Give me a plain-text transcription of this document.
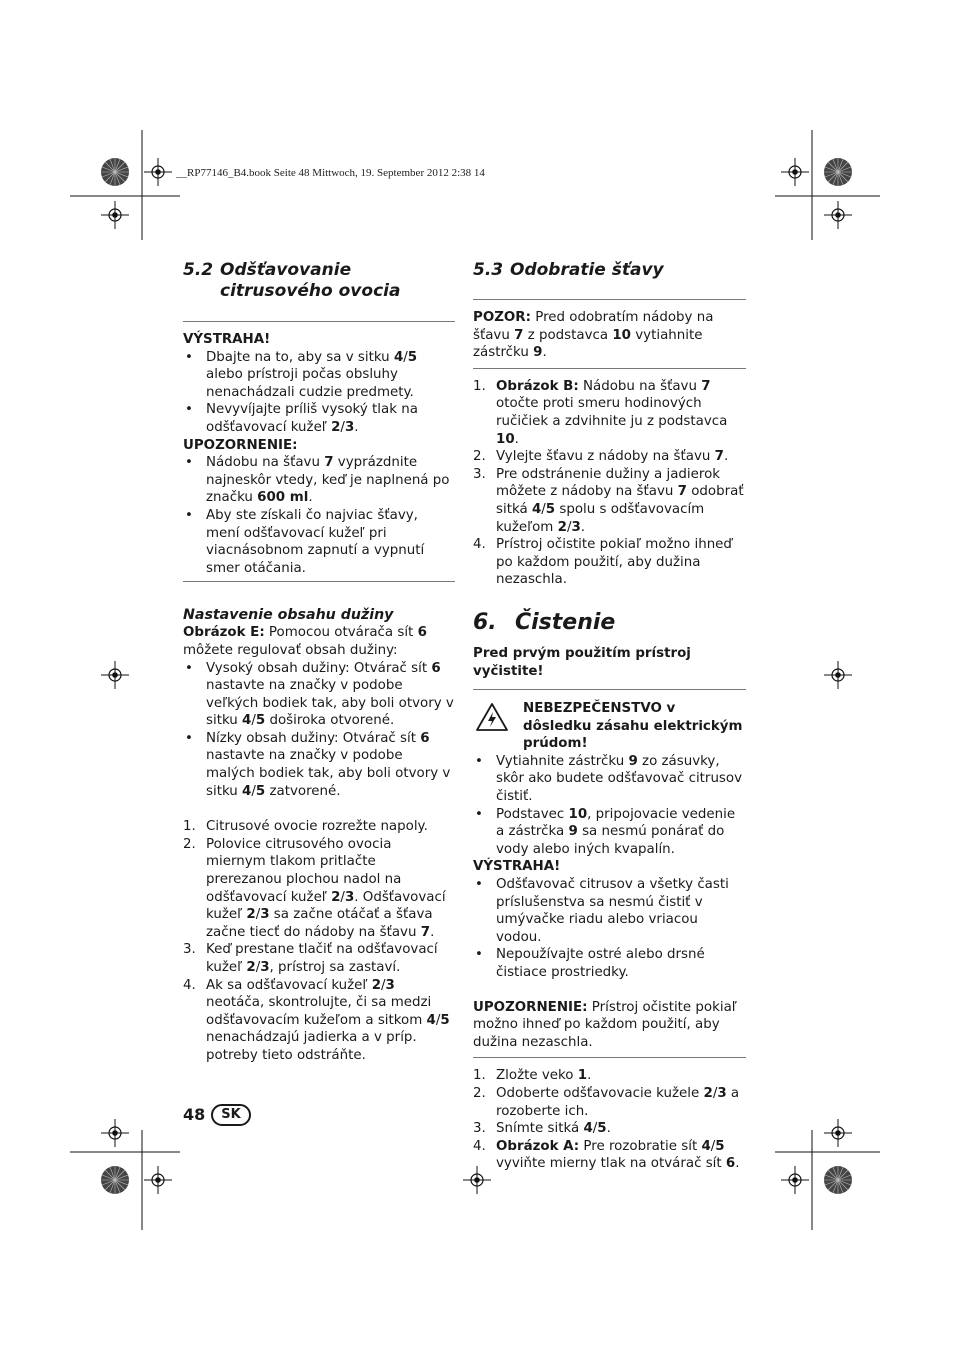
__RP77146_B4.book Seite 48 Mittwoch, 19. September 2012 2:38 14
5.2 Odšťavovanie
citrusového ovocia

VÝSTRAHA!

• Dbajte na to, aby sa v sitku 4/5 alebo prístroji počas obsluhy nenachádzali cudzie predmety.
• Nevyvíjajte príliš vysoký tlak na odšťavovací kužeľ 2/3.

UPOZORNENIE:

• Nádobu na šťavu 7 vyprázdnite najneskôr vtedy, keď je naplnená po značku 600 ml.
• Aby ste získali čo najviac šťavy, mení odšťavovací kužeľ pri viacnásobnom zapnutí a vypnutí smer otáčania.
Nastavenie obsahu dužiny

Obrázok E: Pomocou otvárača sít 6 môžete regulovať obsah dužiny:

• Vysoký obsah dužiny: Otvárač sít 6 nastavte na značky v podobe veľkých bodiek tak, aby boli otvory v sitku 4/5 doširoka otvorené.
• Nízky obsah dužiny: Otvárač sít 6 nastavte na značky v podobe malých bodiek tak, aby boli otvory v sitku 4/5 zatvorené.
1. Citrusové ovocie rozrežte napoly.
2. Polovice citrusového ovocia miernym tlakom pritlačte prerezanou plochou nadol na odšťavovací kužeľ 2/3. Odšťavovací kužeľ 2/3 sa začne otáčať a šťava začne tiecť do nádoby na šťavu 7.
3. Keď prestane tlačiť na odšťavovací kužeľ 2/3, prístroj sa zastaví.
4. Ak sa odšťavovací kužeľ 2/3 neotáča, skontrolujte, či sa medzi odšťavovacím kužeľom a sitkom 4/5 nenachádzajú jadierka a v príp. potreby tieto odstráňte.
5.3 Odobratie šťavy

POZOR: Pred odobratím nádoby na šťavu 7 z podstavca 10 vytiahnite zástrčku 9.

1. Obrázok B: Nádobu na šťavu 7 otočte proti smeru hodinových ručičiek a zdvihnite ju z podstavca 10.
2. Vylejte šťavu z nádoby na šťavu 7.
3. Pre odstránenie dužiny a jadierok môžete z nádoby na šťavu 7 odobrať sitká 4/5 spolu s odšťavovacím kužeľom 2/3.
4. Prístroj očistite pokiaľ možno ihneď po každom použití, aby dužina nezaschla.
6. Čistenie

Pred prvým použitím prístroj vyčistite!

NEBEZPEČENSTVO v dôsledku zásahu elektrickým prúdom!

• Vytiahnite zástrčku 9 zo zásuvky, skôr ako budete odšťavovač citrusov čistiť.
• Podstavec 10, pripojovacie vedenie a zástrčka 9 sa nesmú ponárať do vody alebo iných kvapalín.

VÝSTRAHA!

• Odšťavovač citrusov a všetky časti príslušenstva sa nesmú čistiť v umývačke riadu alebo vriacou vodou.
• Nepoužívajte ostré alebo drsné čistiace prostriedky.

UPOZORNENIE: Prístroj očistite pokiaľ možno ihneď po každom použití, aby dužina nezaschla.

1. Zložte veko 1.
2. Odoberte odšťavovacie kužele 2/3 a rozoberte ich.
3. Snímte sitká 4/5.
4. Obrázok A: Pre rozobratie sít 4/5 vyviňte mierny tlak na otvárač sít 6.
48	SK
